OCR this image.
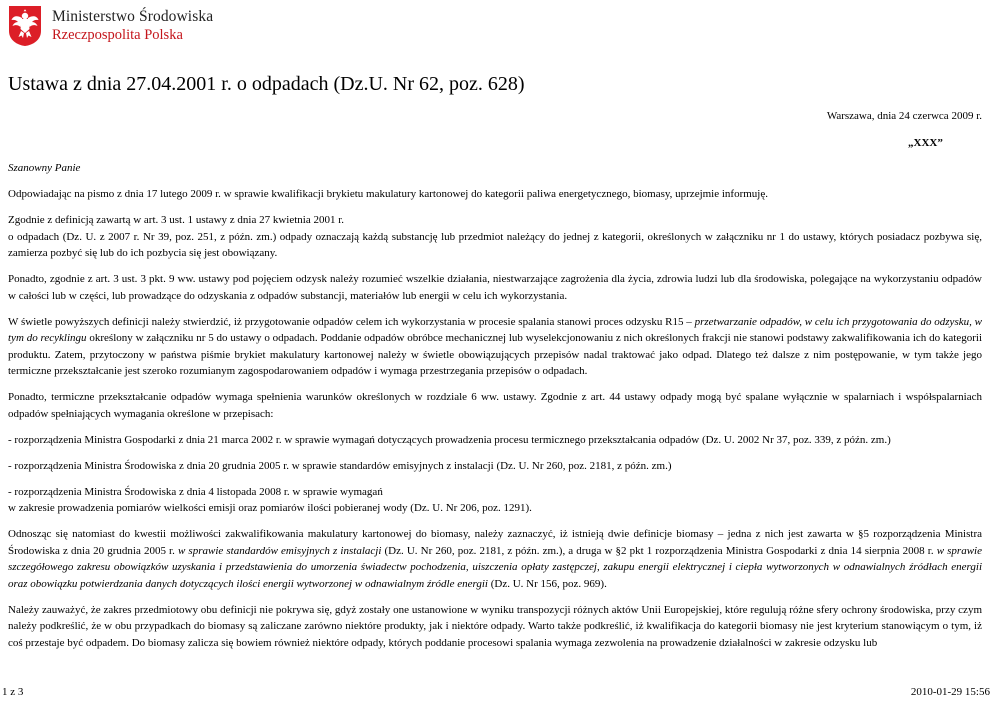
Ministerstwo Środowiska
Rzeczpospolita Polska
Ustawa z dnia 27.04.2001 r. o odpadach (Dz.U. Nr 62, poz. 628)
Warszawa, dnia 24 czerwca 2009 r.
„XXX”

Szanowny Panie

Odpowiadając na pismo z dnia 17 lutego 2009 r. w sprawie kwalifikacji brykietu makulatury kartonowej do kategorii paliwa energetycznego, biomasy, uprzejmie informuję.

Zgodnie z definicją zawartą w art. 3 ust. 1 ustawy z dnia 27 kwietnia 2001 r.
o odpadach (Dz. U. z 2007 r. Nr 39, poz. 251, z późn. zm.) odpady oznaczają każdą substancję lub przedmiot należący do jednej z kategorii, określonych w załączniku nr 1 do ustawy, których posiadacz pozbywa się, zamierza pozbyć się lub do ich pozbycia się jest obowiązany.

Ponadto, zgodnie z art. 3 ust. 3 pkt. 9 ww. ustawy pod pojęciem odzysk należy rozumieć wszelkie działania, niestwarzające zagrożenia dla życia, zdrowia ludzi lub dla środowiska, polegające na wykorzystaniu odpadów w całości lub w części, lub prowadzące do odzyskania z odpadów substancji, materiałów lub energii w celu ich wykorzystania.

W świetle powyższych definicji należy stwierdzić, iż przygotowanie odpadów celem ich wykorzystania w procesie spalania stanowi proces odzysku R15 – przetwarzanie odpadów, w celu ich przygotowania do odzysku, w tym do recyklingu określony w załączniku nr 5 do ustawy o odpadach. Poddanie odpadów obróbce mechanicznej lub wyselekcjonowaniu z nich określonych frakcji nie stanowi podstawy zakwalifikowania ich do kategorii produktu. Zatem, przytoczony w państwa piśmie brykiet makulatury kartonowej należy w świetle obowiązujących przepisów nadal traktować jako odpad. Dlatego też dalsze z nim postępowanie, w tym także jego termiczne przekształcanie jest szeroko rozumianym zagospodarowaniem odpadów i wymaga przestrzegania przepisów o odpadach.

Ponadto, termiczne przekształcanie odpadów wymaga spełnienia warunków określonych w rozdziale 6 ww. ustawy. Zgodnie z art. 44 ustawy odpady mogą być spalane wyłącznie w spalarniach i współspalarniach odpadów spełniających wymagania określone w przepisach:

- rozporządzenia Ministra Gospodarki z dnia 21 marca 2002 r. w sprawie wymagań dotyczących prowadzenia procesu termicznego przekształcania odpadów (Dz. U. 2002 Nr 37, poz. 339, z późn. zm.)

- rozporządzenia Ministra Środowiska z dnia 20 grudnia 2005 r. w sprawie standardów emisyjnych z instalacji (Dz. U. Nr 260, poz. 2181, z późn. zm.)

- rozporządzenia Ministra Środowiska z dnia 4 listopada 2008 r. w sprawie wymagań
w zakresie prowadzenia pomiarów wielkości emisji oraz pomiarów ilości pobieranej wody (Dz. U. Nr 206, poz. 1291).

Odnosząc się natomiast do kwestii możliwości zakwalifikowania makulatury kartonowej do biomasy, należy zaznaczyć, iż istnieją dwie definicje biomasy – jedna z nich jest zawarta w §5 rozporządzenia Ministra Środowiska z dnia 20 grudnia 2005 r. w sprawie standardów emisyjnych z instalacji (Dz. U. Nr 260, poz. 2181, z późn. zm.), a druga w §2 pkt 1 rozporządzenia Ministra Gospodarki z dnia 14 sierpnia 2008 r. w sprawie szczegółowego zakresu obowiązków uzyskania i przedstawienia do umorzenia świadectw pochodzenia, uiszczenia opłaty zastępczej, zakupu energii elektrycznej i ciepła wytworzonych w odnawialnych źródłach energii oraz obowiązku potwierdzania danych dotyczących ilości energii wytworzonej w odnawialnym źródle energii (Dz. U. Nr 156, poz. 969).

Należy zauważyć, że zakres przedmiotowy obu definicji nie pokrywa się, gdyż zostały one ustanowione w wyniku transpozycji różnych aktów Unii Europejskiej, które regulują różne sfery ochrony środowiska, przy czym należy podkreślić, że w obu przypadkach do biomasy są zaliczane zarówno niektóre produkty, jak i niektóre odpady. Warto także podkreślić, iż kwalifikacja do kategorii biomasy nie jest kryterium stanowiącym o tym, iż coś przestaje być odpadem. Do biomasy zalicza się bowiem również niektóre odpady, których poddanie procesowi spalania wymaga zezwolenia na prowadzenie działalności w zakresie odzysku lub

1 z 3	2010-01-29 15:56
